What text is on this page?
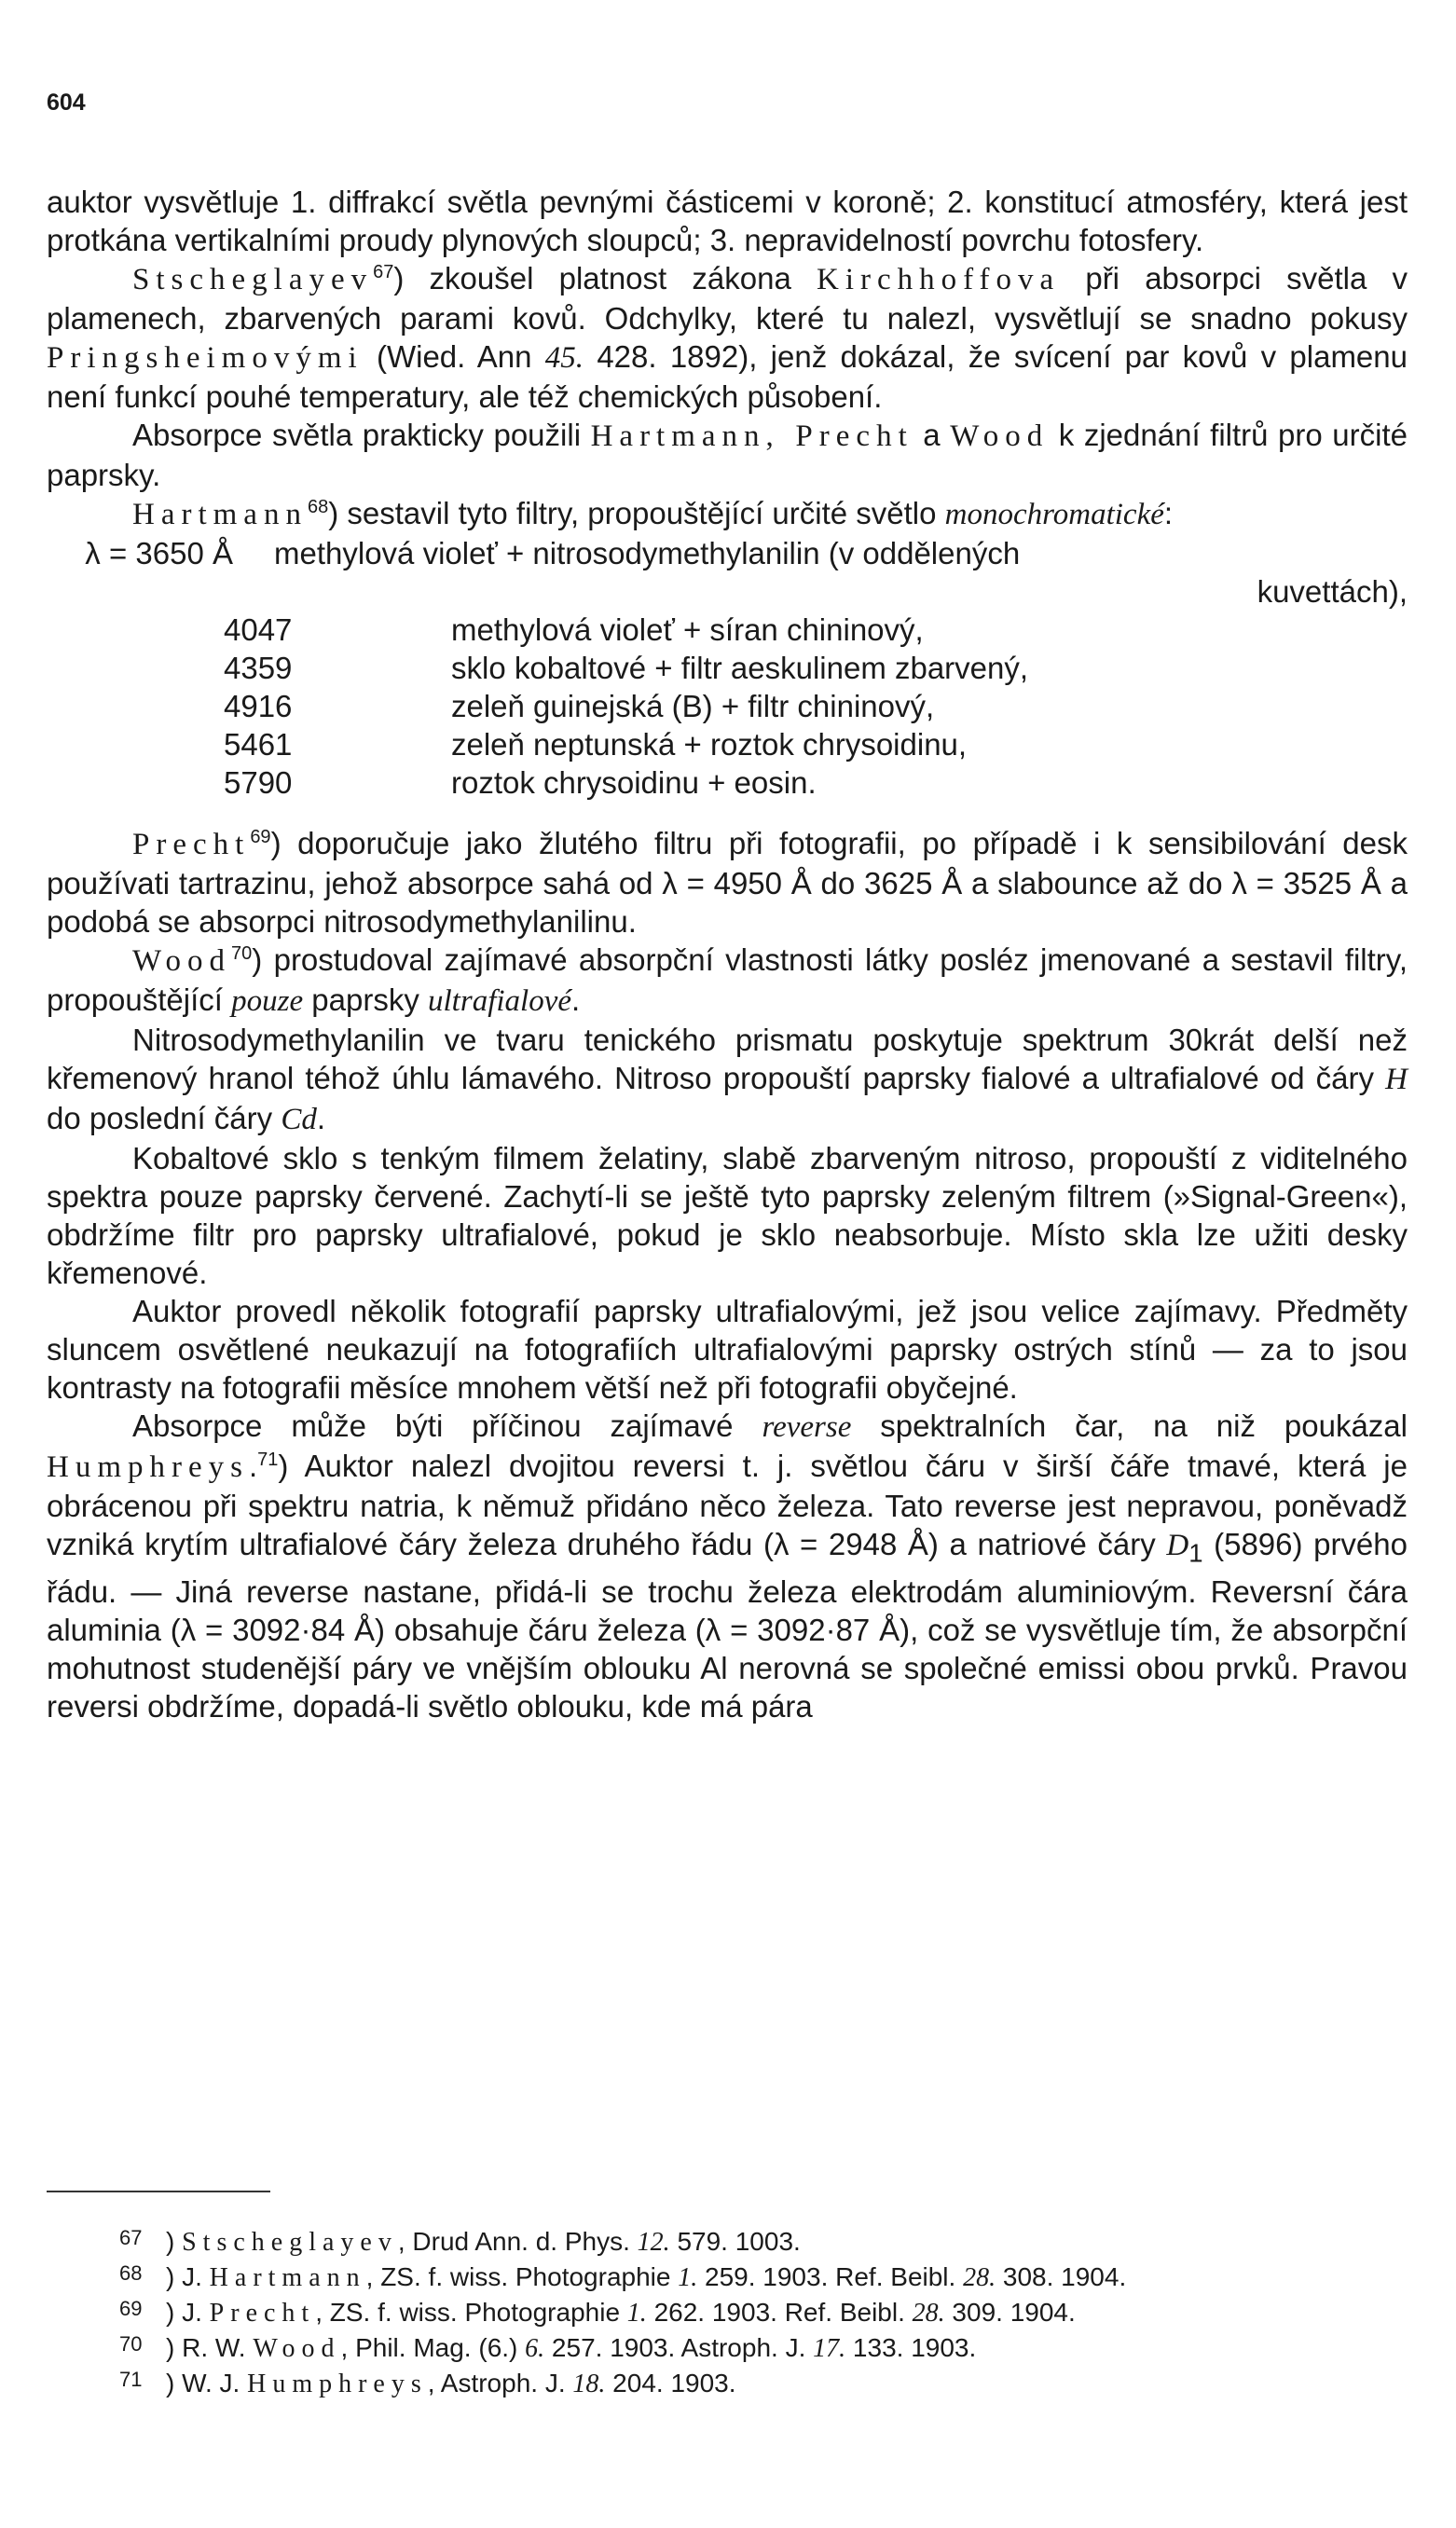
604

auktor vysvětluje 1. diffrakcí světla pevnými částicemi v koroně; 2. konstitucí atmosféry, která jest protkána vertikalními proudy plynových sloupců; 3. nepravidelností povrchu fotosfery.

Stscheglayev$^{67}$) zkoušel platnost zákona Kirchhoffova při absorpci světla v plamenech, zbarvených parami kovů. Odchylky, které tu nalezl, vysvětlují se snadno pokusy Pringsheimovými (Wied. Ann 45. 428. 1892), jenž dokázal, že svícení par kovů v plamenu není funkcí pouhé temperatury, ale též chemických působení.

Absorpce světla prakticky použili Hartmann, Precht a Wood k zjednání filtrů pro určité paprsky.

Hartmann$^{68}$) sestavil tyto filtry, propouštějící určité světlo monochromatické:

λ = 3650 Å	methylová violeť + nitrosodymethylanilin (v oddělených
kuvettách),
4047	methylová violeť + síran chininový,
4359	sklo kobaltové + filtr aeskulinem zbarvený,
4916	zeleň guinejská (B) + filtr chininový,
5461	zeleň neptunská + roztok chrysoidinu,
5790	roztok chrysoidinu + eosin.

Precht$^{69}$) doporučuje jako žlutého filtru při fotografii, po případě i k sensibilování desk používati tartrazinu, jehož absorpce sahá od λ = 4950 Å do 3625 Å a slabounce až do λ = 3525 Å a podobá se absorpci nitrosodymethylanilinu.

Wood$^{70}$) prostudoval zajímavé absorpční vlastnosti látky posléz jmenované a sestavil filtry, propouštějící pouze paprsky ultrafialové.

Nitrosodymethylanilin ve tvaru tenického prismatu poskytuje spektrum 30krát delší než křemenový hranol téhož úhlu lámavého. Nitroso propouští paprsky fialové a ultrafialové od čáry H do poslední čáry Cd.

Kobaltové sklo s tenkým filmem želatiny, slabě zbarveným nitroso, propouští z viditelného spektra pouze paprsky červené. Zachytí-li se ještě tyto paprsky zeleným filtrem (»Signal-Green«), obdržíme filtr pro paprsky ultrafialové, pokud je sklo neabsorbuje. Místo skla lze užiti desky křemenové.

Auktor provedl několik fotografií paprsky ultrafialovými, jež jsou velice zajímavy. Předměty sluncem osvětlené neukazují na fotografiích ultrafialovými paprsky ostrých stínů — za to jsou kontrasty na fotografii měsíce mnohem větší než při fotografii obyčejné.

Absorpce může býti příčinou zajímavé reverse spektralních čar, na niž poukázal Humphreys.$^{71}$) Auktor nalezl dvojitou reversi t. j. světlou čáru v širší čáře tmavé, která je obrácenou při spektru natria, k němuž přidáno něco železa. Tato reverse jest nepravou, poněvadž vzniká krytím ultrafialové čáry železa druhého řádu (λ = 2948 Å) a natriové čáry $D_1$ (5896) prvého řádu. — Jiná reverse nastane, přidá-li se trochu železa elektrodám aluminiovým. Reversní čára aluminia (λ = 3092·84 Å) obsahuje čáru železa (λ = 3092·87 Å), což se vysvětluje tím, že absorpční mohutnost studenější páry ve vnějším oblouku Al nerovná se společné emissi obou prvků. Pravou reversi obdržíme, dopadá-li světlo oblouku, kde má pára

67 ) Stscheglayev, Drud Ann. d. Phys. 12. 579. 1003.
68 ) J. Hartmann, ZS. f. wiss. Photographie 1. 259. 1903. Ref. Beibl. 28. 308. 1904.
69 ) J. Precht, ZS. f. wiss. Photographie 1. 262. 1903. Ref. Beibl. 28. 309. 1904.
70 ) R. W. Wood, Phil. Mag. (6.) 6. 257. 1903. Astroph. J. 17. 133. 1903.
71 ) W. J. Humphreys, Astroph. J. 18. 204. 1903.
